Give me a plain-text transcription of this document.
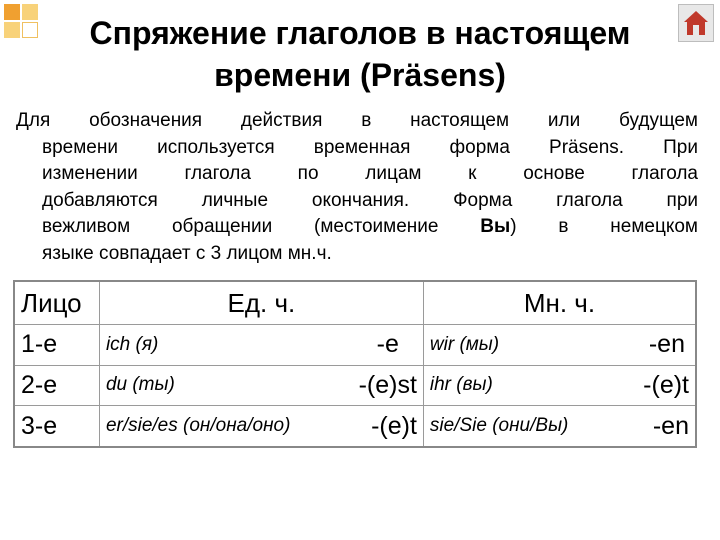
Спряжение глаголов в настоящем
времени (Präsens)
Для обозначения действия в настоящем или будущем
времени используется временная форма Präsens. При
изменении глагола по лицам к основе глагола
добавляются личные окончания. Форма глагола при
вежливом обращении (местоимение Вы) в немецком
языке совпадает с 3 лицом мн.ч.
Лицо	Ед. ч.	Мн. ч.
1-е	ich (я) -e	wir (мы) -en

2-е	du (ты) -(e)st	ihr (вы) -(e)t

3-е	er/sie/es (он/она/оно) -(e)t	sie/Sie (они/Вы) -en
